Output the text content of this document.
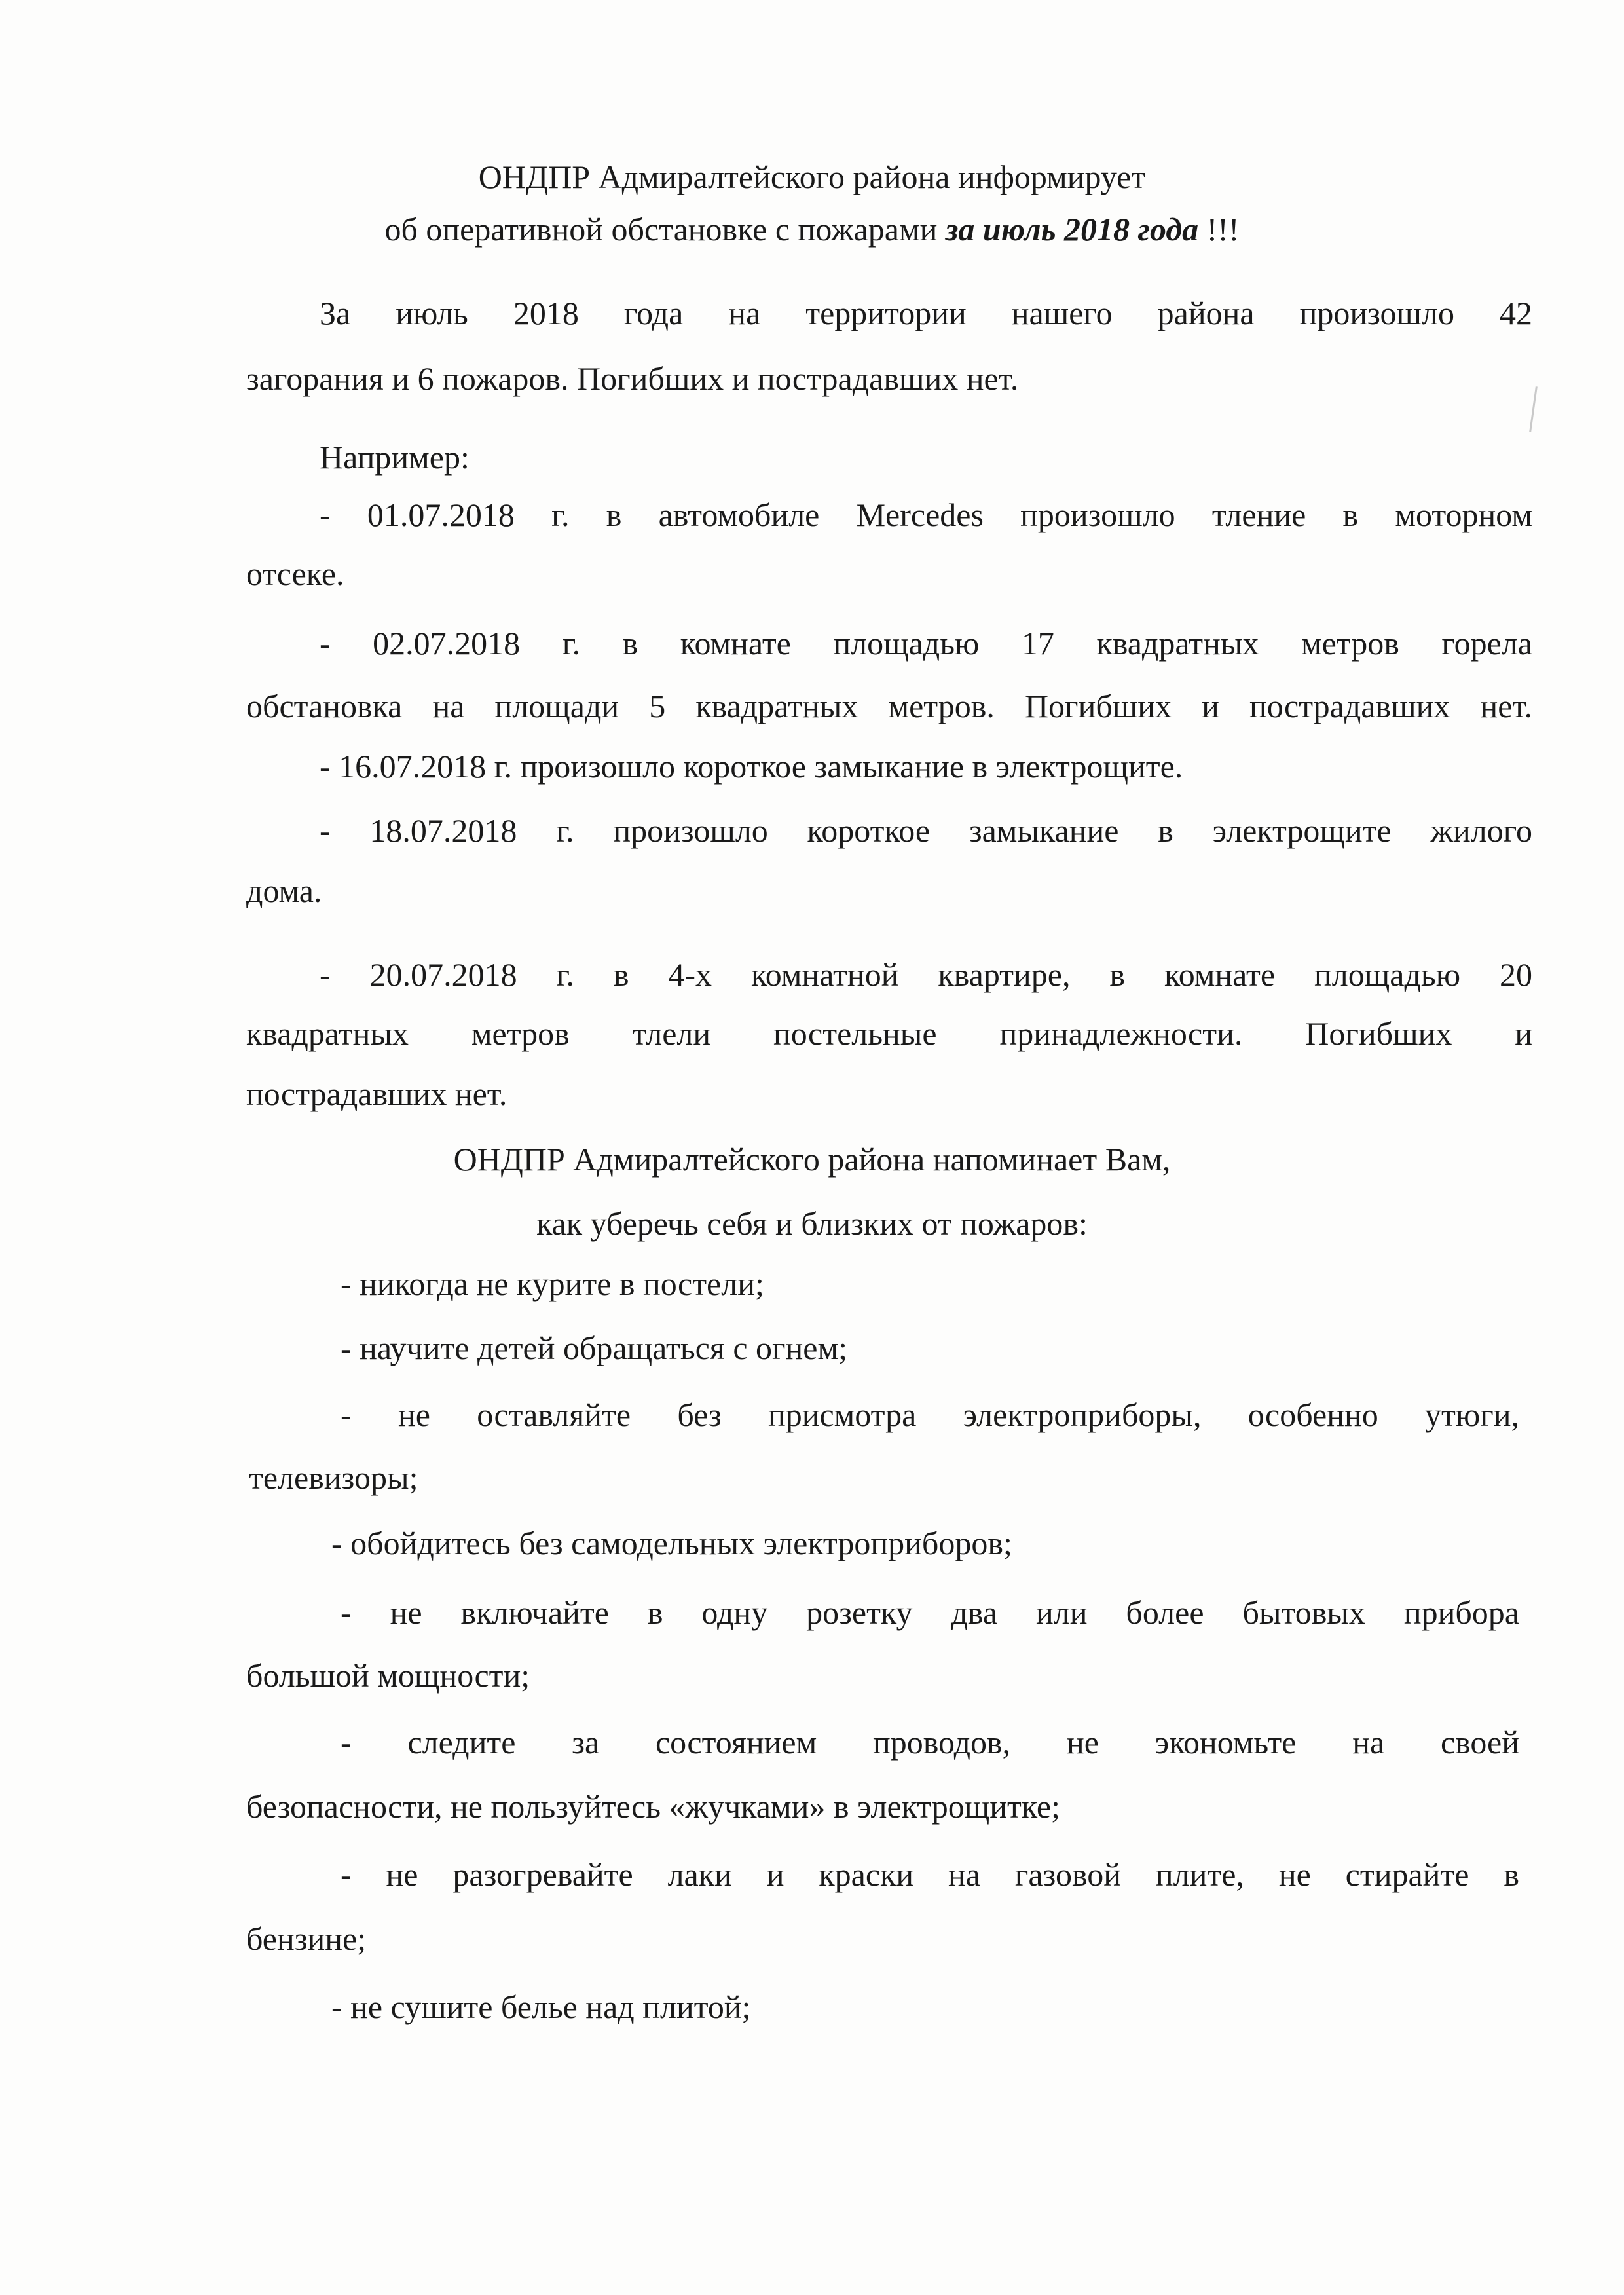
ОНДПР Адмиралтейского района информирует
об оперативной обстановке с пожарами за июль 2018 года !!!
За июль 2018 года на территории нашего района произошло 42
загорания и 6 пожаров. Погибших и пострадавших нет.
Например:
- 01.07.2018 г. в автомобиле Mercedes произошло тление в моторном
отсеке.
- 02.07.2018 г. в комнате площадью 17 квадратных метров горела
обстановка на площади 5 квадратных метров. Погибших и пострадавших нет.
- 16.07.2018 г. произошло короткое замыкание в электрощите.
- 18.07.2018 г. произошло короткое замыкание в электрощите жилого
дома.
- 20.07.2018 г. в 4-х комнатной квартире, в комнате площадью 20
квадратных метров тлели постельные принадлежности. Погибших и
пострадавших нет.
ОНДПР Адмиралтейского района напоминает Вам,
как уберечь себя и близких от пожаров:
- никогда не курите в постели;
- научите детей обращаться с огнем;
- не оставляйте без присмотра электроприборы, особенно утюги,
телевизоры;
- обойдитесь без самодельных электроприборов;
- не включайте в одну розетку два или более бытовых прибора
большой мощности;
- следите за состоянием проводов, не экономьте на своей
безопасности, не пользуйтесь «жучками» в электрощитке;
- не разогревайте лаки и краски на газовой плите, не стирайте в
бензине;
- не сушите белье над плитой;
